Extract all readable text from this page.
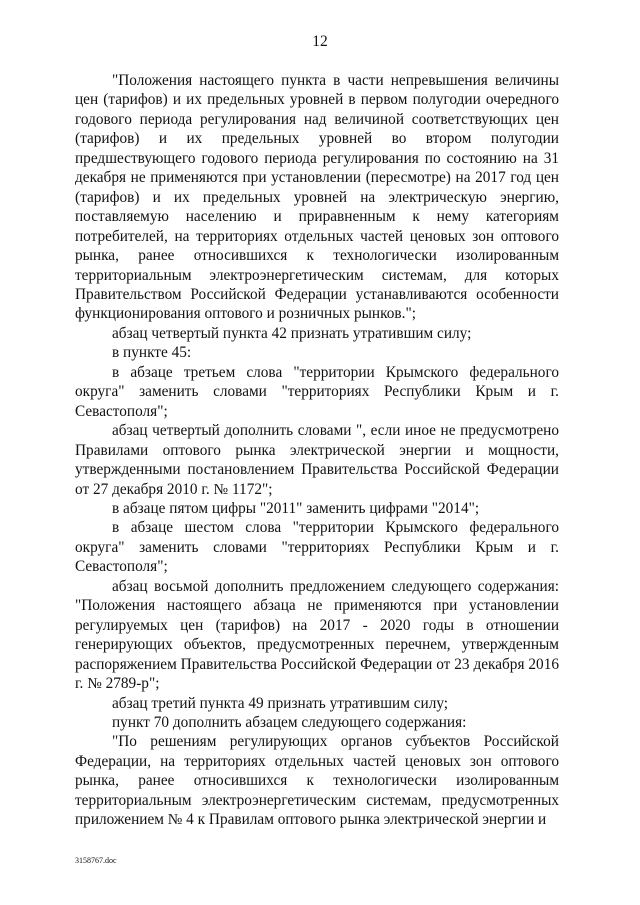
12

"Положения настоящего пункта в части непревышения величины цен (тарифов) и их предельных уровней в первом полугодии очередного годового периода регулирования над величиной соответствующих цен (тарифов) и их предельных уровней во втором полугодии предшествующего годового периода регулирования по состоянию на 31 декабря не применяются при установлении (пересмотре) на 2017 год цен (тарифов) и их предельных уровней на электрическую энергию, поставляемую населению и приравненным к нему категориям потребителей, на территориях отдельных частей ценовых зон оптового рынка, ранее относившихся к технологически изолированным территориальным электроэнергетическим системам, для которых Правительством Российской Федерации устанавливаются особенности функционирования оптового и розничных рынков.";

абзац четвертый пункта 42 признать утратившим силу;

в пункте 45:

в абзаце третьем слова "территории Крымского федерального округа" заменить словами "территориях Республики Крым и г. Севастополя";

абзац четвертый дополнить словами ", если иное не предусмотрено Правилами оптового рынка электрической энергии и мощности, утвержденными постановлением Правительства Российской Федерации от 27 декабря 2010 г. № 1172";

в абзаце пятом цифры "2011" заменить цифрами "2014";

в абзаце шестом слова "территории Крымского федерального округа" заменить словами "территориях Республики Крым и г. Севастополя";

абзац восьмой дополнить предложением следующего содержания: "Положения настоящего абзаца не применяются при установлении регулируемых цен (тарифов) на 2017 - 2020 годы в отношении генерирующих объектов, предусмотренных перечнем, утвержденным распоряжением Правительства Российской Федерации от 23 декабря 2016 г. № 2789-р";

абзац третий пункта 49 признать утратившим силу;

пункт 70 дополнить абзацем следующего содержания:

"По решениям регулирующих органов субъектов Российской Федерации, на территориях отдельных частей ценовых зон оптового рынка, ранее относившихся к технологически изолированным территориальным электроэнергетическим системам, предусмотренных приложением № 4 к Правилам оптового рынка электрической энергии и

3158767.doc
